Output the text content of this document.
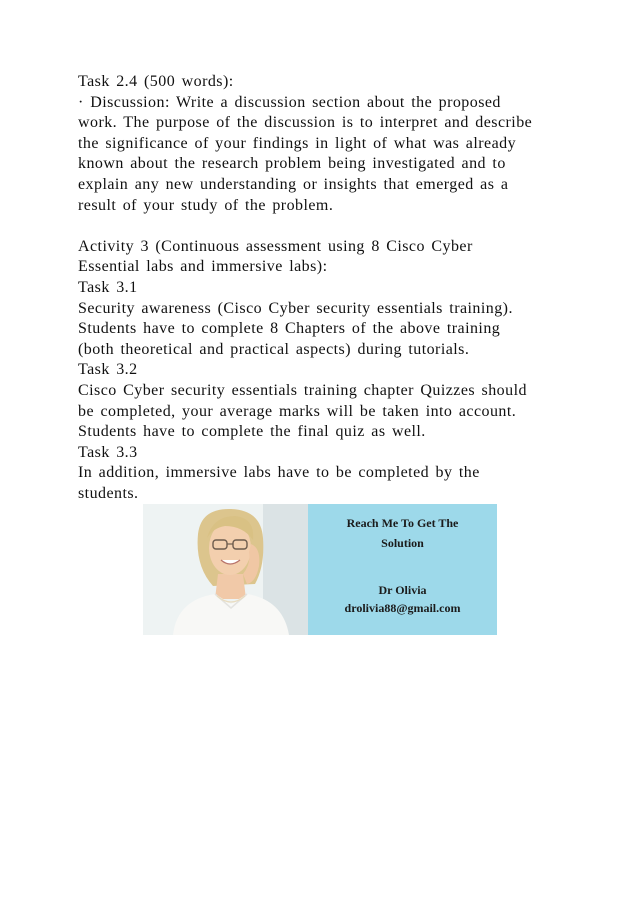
Task 2.4 (500 words):
· Discussion: Write a discussion section about the proposed
work. The purpose of the discussion is to interpret and describe
the significance of your findings in light of what was already
known about the research problem being investigated and to
explain any new understanding or insights that emerged as a
result of your study of the problem.
Activity 3 (Continuous assessment using 8 Cisco Cyber
Essential labs and immersive labs):
Task 3.1
Security awareness (Cisco Cyber security essentials training).
Students have to complete 8 Chapters of the above training
(both theoretical and practical aspects) during tutorials.
Task 3.2
Cisco Cyber security essentials training chapter Quizzes should
be completed, your average marks will be taken into account.
Students have to complete the final quiz as well.
Task 3.3
In addition, immersive labs have to be completed by the
students.
Reach Me To Get The
Solution
Dr Olivia
drolivia88@gmail.com
